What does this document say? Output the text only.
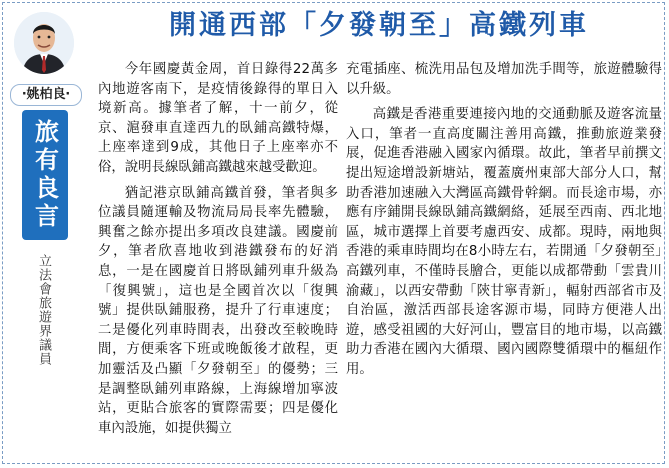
‧姚柏良‧
旅有良言
立法會旅遊界議員
開通西部「夕發朝至」高鐵列車

今年國慶黃金周，首日錄得22萬多內地遊客南下，是疫情後錄得的單日入境新高。據筆者了解，十一前夕，從京、滬發車直達西九的臥鋪高鐵特爆，上座率達到9成，其他日子上座率亦不俗，說明長線臥鋪高鐵越來越受歡迎。

猶記港京臥鋪高鐵首發，筆者與多位議員隨運輸及物流局局長率先體驗，興奮之餘亦提出多項改良建議。國慶前夕，筆者欣喜地收到港鐵發布的好消息，一是在國慶首日將臥鋪列車升級為「復興號」，這也是全國首次以「復興號」提供臥鋪服務，提升了行車速度；二是優化列車時間表，出發改至較晚時間，方便乘客下班或晚飯後才啟程，更加靈活及凸顯「夕發朝至」的優勢；三是調整臥鋪列車路線，上海線增加寧波站，更貼合旅客的實際需要；四是優化車內設施，如提供獨立

充電插座、梳洗用品包及增加洗手間等，旅遊體驗得以升級。

高鐵是香港重要連接內地的交通動脈及遊客流量入口，筆者一直高度關注善用高鐵，推動旅遊業發展，促進香港融入國家內循環。故此，筆者早前撰文提出短途增設新塘站，覆蓋廣州東部大部分人口，幫助香港加速融入大灣區高鐵骨幹網。而長途市場，亦應有序鋪開長線臥鋪高鐵網絡，延展至西南、西北地區，城市選擇上首要考慮西安、成都。現時，兩地與香港的乘車時間均在8小時左右，若開通「夕發朝至」高鐵列車，不僅時長膾合，更能以成都帶動「雲貴川渝藏」，以西安帶動「陝甘寧青新」，輻射西部省市及自治區，激活西部長途客源市場，同時方便港人出遊，感受祖國的大好河山，豐富目的地市場，以高鐵助力香港在國內大循環、國內國際雙循環中的樞紐作用。
